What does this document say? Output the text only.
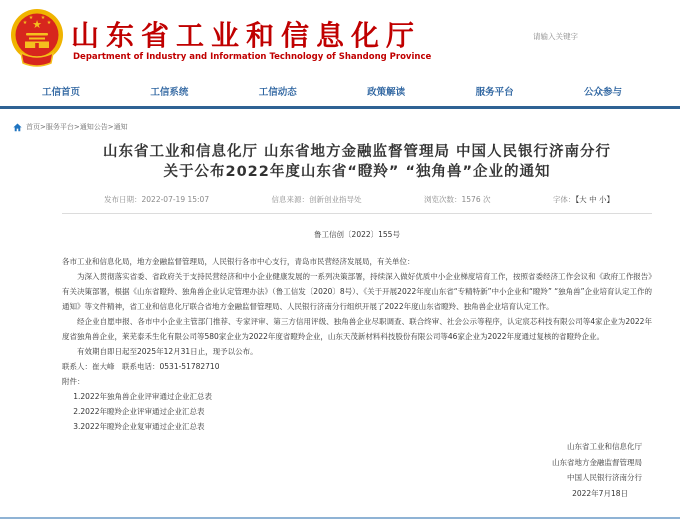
★
★
★ ★
★ 山东省工业和信息化厅
Department of Industry and Information Technology of Shandong Province
请输入关键字
工信首页	工信系统	工信动态	政策解读	服务平台	公众参与
首页>服务平台>通知公告>通知
山东省工业和信息化厅 山东省地方金融监督管理局 中国人民银行济南分行
关于公布2022年度山东省“瞪羚” “独角兽”企业的通知
发布日期：2022-07-19 15:07	信息来源：创新创业指导处	浏览次数：1576 次	字体：【大 中 小】
鲁工信创〔2022〕155号

各市工业和信息化局，地方金融监督管理局，人民银行各市中心支行，青岛市民营经济发展局，有关单位：

为深入贯彻落实省委、省政府关于支持民营经济和中小企业健康发展的一系列决策部署，持续深入做好优质中小企业梯度培育工作，按照省委经济工作会议和《政府工作报告》有关决策部署，根据《山东省瞪羚、独角兽企业认定管理办法》（鲁工信发〔2020〕8号）、《关于开展2022年度山东省“专精特新”中小企业和“瞪羚” “独角兽”企业培育认定工作的通知》等文件精神，省工业和信息化厅联合省地方金融监督管理局、人民银行济南分行组织开展了2022年度山东省瞪羚、独角兽企业培育认定工作。

经企业自愿申报、各市中小企业主管部门推荐、专家评审、第三方信用评级、独角兽企业尽职调查、联合终审、社会公示等程序，认定宸芯科技有限公司等4家企业为2022年度省独角兽企业，莱芜泰禾生化有限公司等580家企业为2022年度省瞪羚企业，山东天茂新材料科技股份有限公司等46家企业为2022年度通过复核的省瞪羚企业。

有效期自即日起至2025年12月31日止，现予以公布。

联系人：崔大峰　联系电话：0531-51782710

附件：

1.2022年独角兽企业评审通过企业汇总表

2.2022年瞪羚企业评审通过企业汇总表

3.2022年瞪羚企业复审通过企业汇总表

山东省工业和信息化厅
山东省地方金融监督管理局
中国人民银行济南分行
2022年7月18日
